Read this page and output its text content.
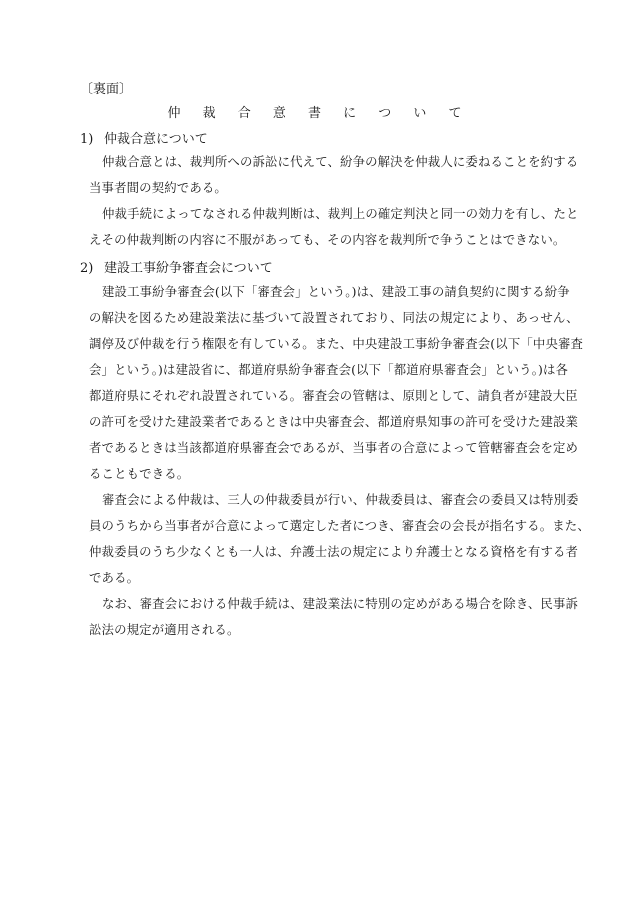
〔裏面〕
仲 裁 合 意 書 に つ い て
1) 仲裁合意について
仲裁合意とは、裁判所への訴訟に代えて、紛争の解決を仲裁人に委ねることを約する
当事者間の契約である。
仲裁手続によってなされる仲裁判断は、裁判上の確定判決と同一の効力を有し、たと
えその仲裁判断の内容に不服があっても、その内容を裁判所で争うことはできない。
2) 建設工事紛争審査会について
建設工事紛争審査会(以下「審査会」という。)は、建設工事の請負契約に関する紛争
の解決を図るため建設業法に基づいて設置されており、同法の規定により、あっせん、
調停及び仲裁を行う権限を有している。また、中央建設工事紛争審査会(以下「中央審査
会」という。)は建設省に、都道府県紛争審査会(以下「都道府県審査会」という。)は各
都道府県にそれぞれ設置されている。審査会の管轄は、原則として、請負者が建設大臣
の許可を受けた建設業者であるときは中央審査会、都道府県知事の許可を受けた建設業
者であるときは当該都道府県審査会であるが、当事者の合意によって管轄審査会を定め
ることもできる。
審査会による仲裁は、三人の仲裁委員が行い、仲裁委員は、審査会の委員又は特別委
員のうちから当事者が合意によって選定した者につき、審査会の会長が指名する。また、
仲裁委員のうち少なくとも一人は、弁護士法の規定により弁護士となる資格を有する者
である。
なお、審査会における仲裁手続は、建設業法に特別の定めがある場合を除き、民事訴
訟法の規定が適用される。
